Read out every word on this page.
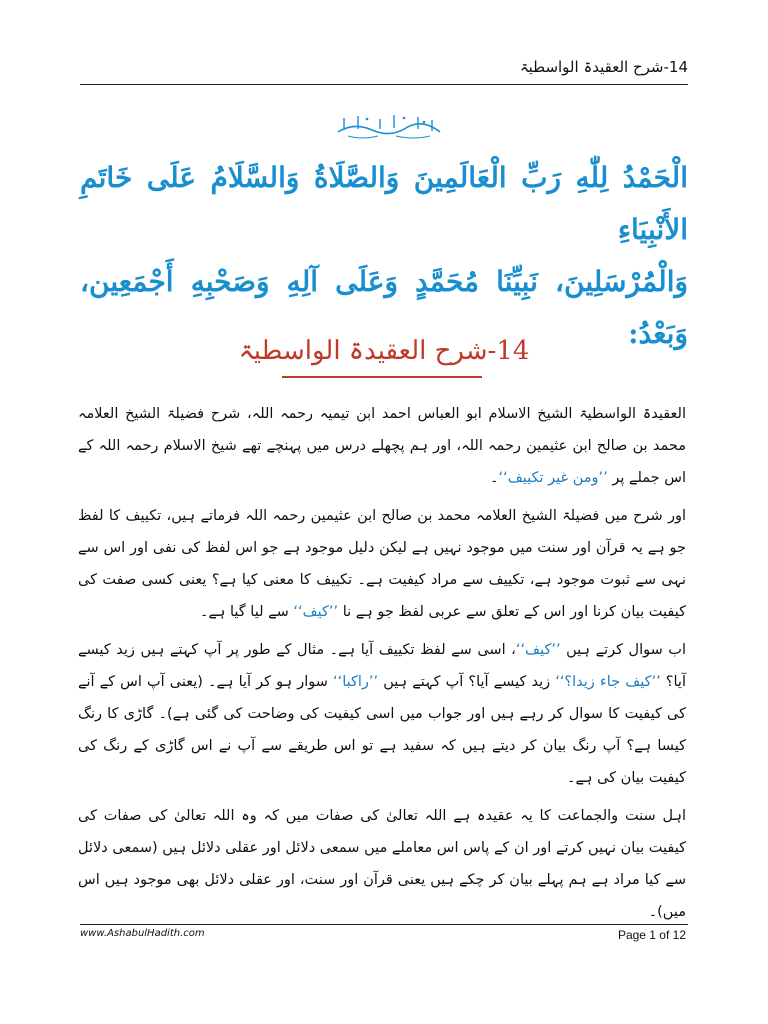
14-شرح العقیدۃ الواسطیۃ
الْحَمْدُ لِلّٰهِ رَبِّ الْعَالَمِينَ وَالصَّلَاةُ وَالسَّلَامُ عَلَى خَاتَمِ الأَنْبِيَاءِ
وَالْمُرْسَلِينَ، نَبِيِّنَا مُحَمَّدٍ وَعَلَى آلِهِ وَصَحْبِهِ أَجْمَعِين،
وَبَعْدُ:
14-شرح العقیدۃ الواسطیۃ

العقیدۃ الواسطیۃ الشیخ الاسلام ابو العباس احمد ابن تیمیہ رحمہ اللہ، شرح فضیلۃ الشیخ العلامہ محمد بن صالح ابن عثیمین رحمہ اللہ، اور ہم پچھلے درس میں پہنچے تھے شیخ الاسلام رحمہ اللہ کے اس جملے پر ’’ومن غیر تکییف‘‘۔

اور شرح میں فضیلۃ الشیخ العلامہ محمد بن صالح ابن عثیمین رحمہ اللہ فرماتے ہیں، تکییف کا لفظ جو ہے یہ قرآن اور سنت میں موجود نہیں ہے لیکن دلیل موجود ہے جو اس لفظ کی نفی اور اس سے نہی سے ثبوت موجود ہے، تکییف سے مراد کیفیت ہے۔ تکییف کا معنی کیا ہے؟ یعنی کسی صفت کی کیفیت بیان کرنا اور اس کے تعلق سے عربی لفظ جو ہے نا ’’کیف‘‘ سے لیا گیا ہے۔

اب سوال کرتے ہیں ’’کیف‘‘، اسی سے لفظ تکییف آیا ہے۔ مثال کے طور پر آپ کہتے ہیں زید کیسے آیا؟ ’’کیف جاء زیدا؟‘‘ زید کیسے آیا؟ آپ کہتے ہیں ’’راکبا‘‘ سوار ہو کر آیا ہے۔ (یعنی آپ اس کے آنے کی کیفیت کا سوال کر رہے ہیں اور جواب میں اسی کیفیت کی وضاحت کی گئی ہے)۔ گاڑی کا رنگ کیسا ہے؟ آپ رنگ بیان کر دیتے ہیں کہ سفید ہے تو اس طریقے سے آپ نے اس گاڑی کے رنگ کی کیفیت بیان کی ہے۔

اہل سنت والجماعت کا یہ عقیدہ ہے اللہ تعالیٰ کی صفات میں کہ وہ اللہ تعالیٰ کی صفات کی کیفیت بیان نہیں کرتے اور ان کے پاس اس معاملے میں سمعی دلائل اور عقلی دلائل ہیں (سمعی دلائل سے کیا مراد ہے ہم پہلے بیان کر چکے ہیں یعنی قرآن اور سنت، اور عقلی دلائل بھی موجود ہیں اس میں)۔

www.AshabulHadith.com	Page 1 of 12
